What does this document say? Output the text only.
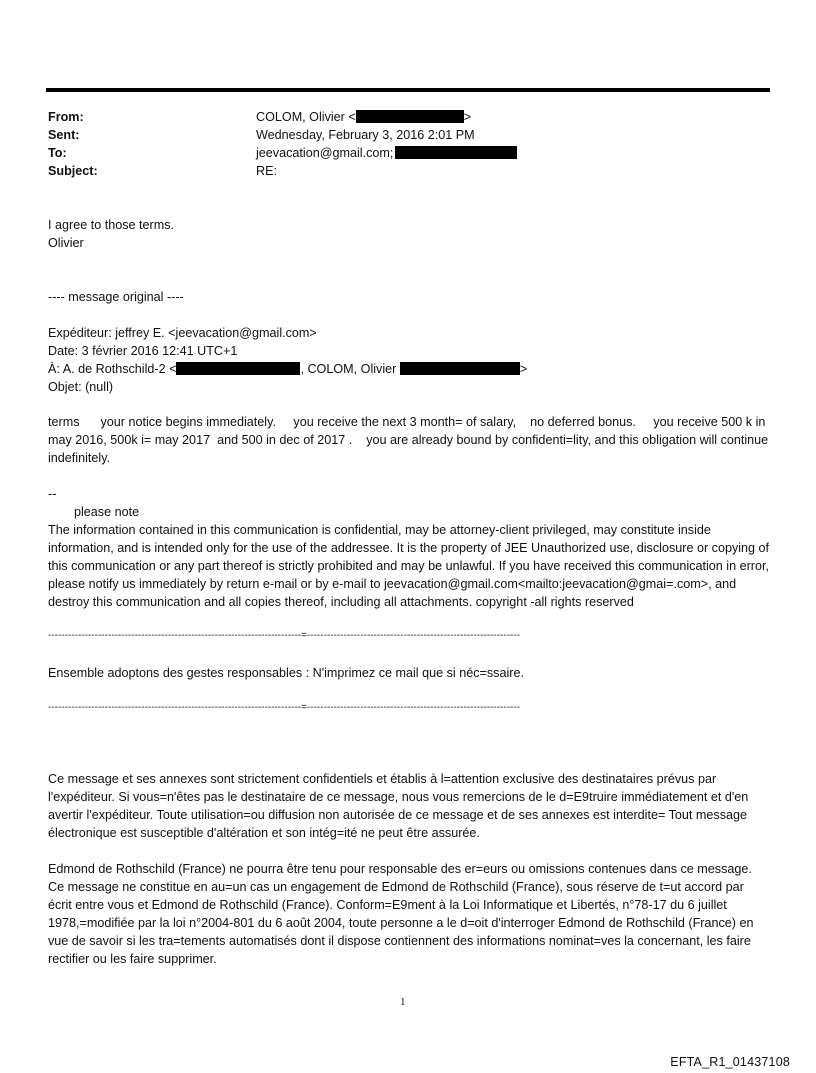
From:	COLOM, Olivier <	>
Sent:	Wednesday, February 3, 2016 2:01 PM
To:	jeevacation@gmail.com;
Subject:	RE:

I agree to those terms.

Olivier

---- message original ----

Expéditeur: jeffrey E. <jeevacation@gmail.com>

Date: 3 février 2016 12:41 UTC+1

À: A. de Rothschild-2 <	, COLOM, Olivier	>

Objet: (null)

terms      your notice begins immediately.     you receive the next 3 month= of salary,    no deferred bonus.     you receive 500 k in may 2016, 500k i= may 2017  and 500 in dec of 2017 .    you are already bound by confidenti=lity, and this obligation will continue indefinitely.

--

please note

The information contained in this communication is confidential, may be attorney-client privileged, may constitute inside information, and is intended only for the use of the addressee. It is the property of JEE Unauthorized use, disclosure or copying of this communication or any part thereof is strictly prohibited and may be unlawful. If you have received this communication in error, please notify us immediately by return e-mail or by e-mail to jeevacation@gmail.com<mailto:jeevacation@gmai=.com>, and destroy this communication and all copies thereof, including all attachments. copyright -all rights reserved

----------------------------------------------------------------------------=----------------------------------------------------------------
Ensemble adoptons des gestes responsables : N'imprimez ce mail que si néc=ssaire.
----------------------------------------------------------------------------=----------------------------------------------------------------
Ce message et ses annexes sont strictement confidentiels et établis à l=attention exclusive des destinataires prévus par l'expéditeur. Si vous=n'êtes pas le destinataire de ce message, nous vous remercions de le d=E9truire immédiatement et d'en avertir l'expéditeur. Toute utilisation=ou diffusion non autorisée de ce message et de ses annexes est interdite= Tout message électronique est susceptible d'altération et son intég=ité ne peut être assurée.
Edmond de Rothschild (France) ne pourra être tenu pour responsable des er=eurs ou omissions contenues dans ce message. Ce message ne constitue en au=un cas un engagement de Edmond de Rothschild (France), sous réserve de t=ut accord par écrit entre vous et Edmond de Rothschild (France). Conform=E9ment à la Loi Informatique et Libertés, n°78-17 du 6 juillet 1978,=modifiée par la loi n°2004-801 du 6 août 2004, toute personne a le d=oit d'interroger Edmond de Rothschild (France) en vue de savoir si les tra=tements automatisés dont il dispose contiennent des informations nominat=ves la concernant, les faire rectifier ou les faire supprimer.
1
EFTA_R1_01437108
